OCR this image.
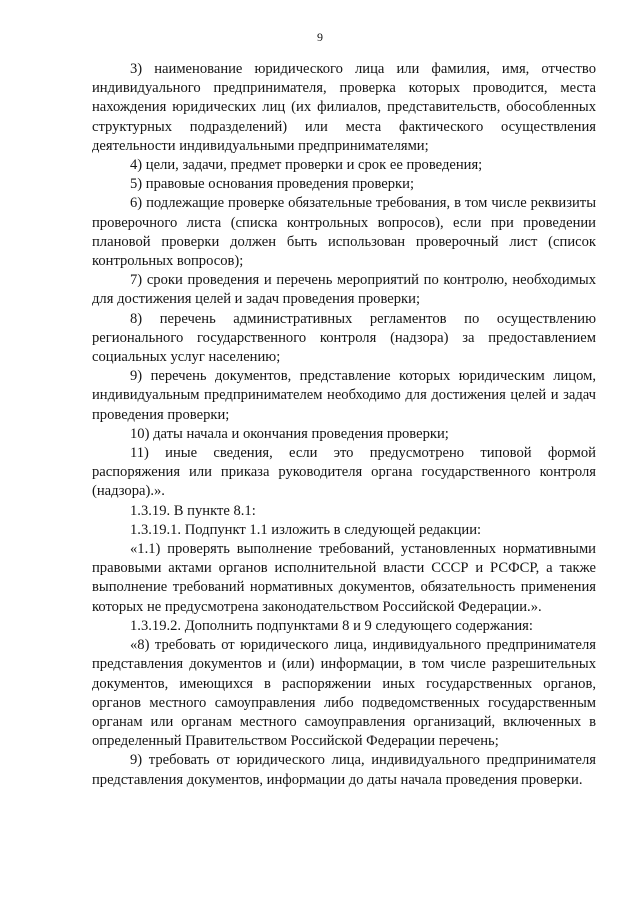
9

3) наименование юридического лица или фамилия, имя, отчество индивидуального предпринимателя, проверка которых проводится, места нахождения юридических лиц (их филиалов, представительств, обособленных структурных подразделений) или места фактического осуществления деятельности индивидуальными предпринимателями;

4) цели, задачи, предмет проверки и срок ее проведения;

5) правовые основания проведения проверки;

6) подлежащие проверке обязательные требования, в том числе реквизиты проверочного листа (списка контрольных вопросов), если при проведении плановой проверки должен быть использован проверочный лист (список контрольных вопросов);

7) сроки проведения и перечень мероприятий по контролю, необходимых для достижения целей и задач проведения проверки;

8) перечень административных регламентов по осуществлению регионального государственного контроля (надзора) за предоставлением социальных услуг населению;

9) перечень документов, представление которых юридическим лицом, индивидуальным предпринимателем необходимо для достижения целей и задач проведения проверки;

10) даты начала и окончания проведения проверки;

11) иные сведения, если это предусмотрено типовой формой распоряжения или приказа руководителя органа государственного контроля (надзора).».

1.3.19. В пункте 8.1:

1.3.19.1. Подпункт 1.1 изложить в следующей редакции:

«1.1) проверять выполнение требований, установленных нормативными правовыми актами органов исполнительной власти СССР и РСФСР, а также выполнение требований нормативных документов, обязательность применения которых не предусмотрена законодательством Российской Федерации.».

1.3.19.2. Дополнить подпунктами 8 и 9 следующего содержания:

«8) требовать от юридического лица, индивидуального предпринимателя представления документов и (или) информации, в том числе разрешительных документов, имеющихся в распоряжении иных государственных органов, органов местного самоуправления либо подведомственных государственным органам или органам местного самоуправления организаций, включенных в определенный Правительством Российской Федерации перечень;

9) требовать от юридического лица, индивидуального предпринимателя представления документов, информации до даты начала проведения проверки.
